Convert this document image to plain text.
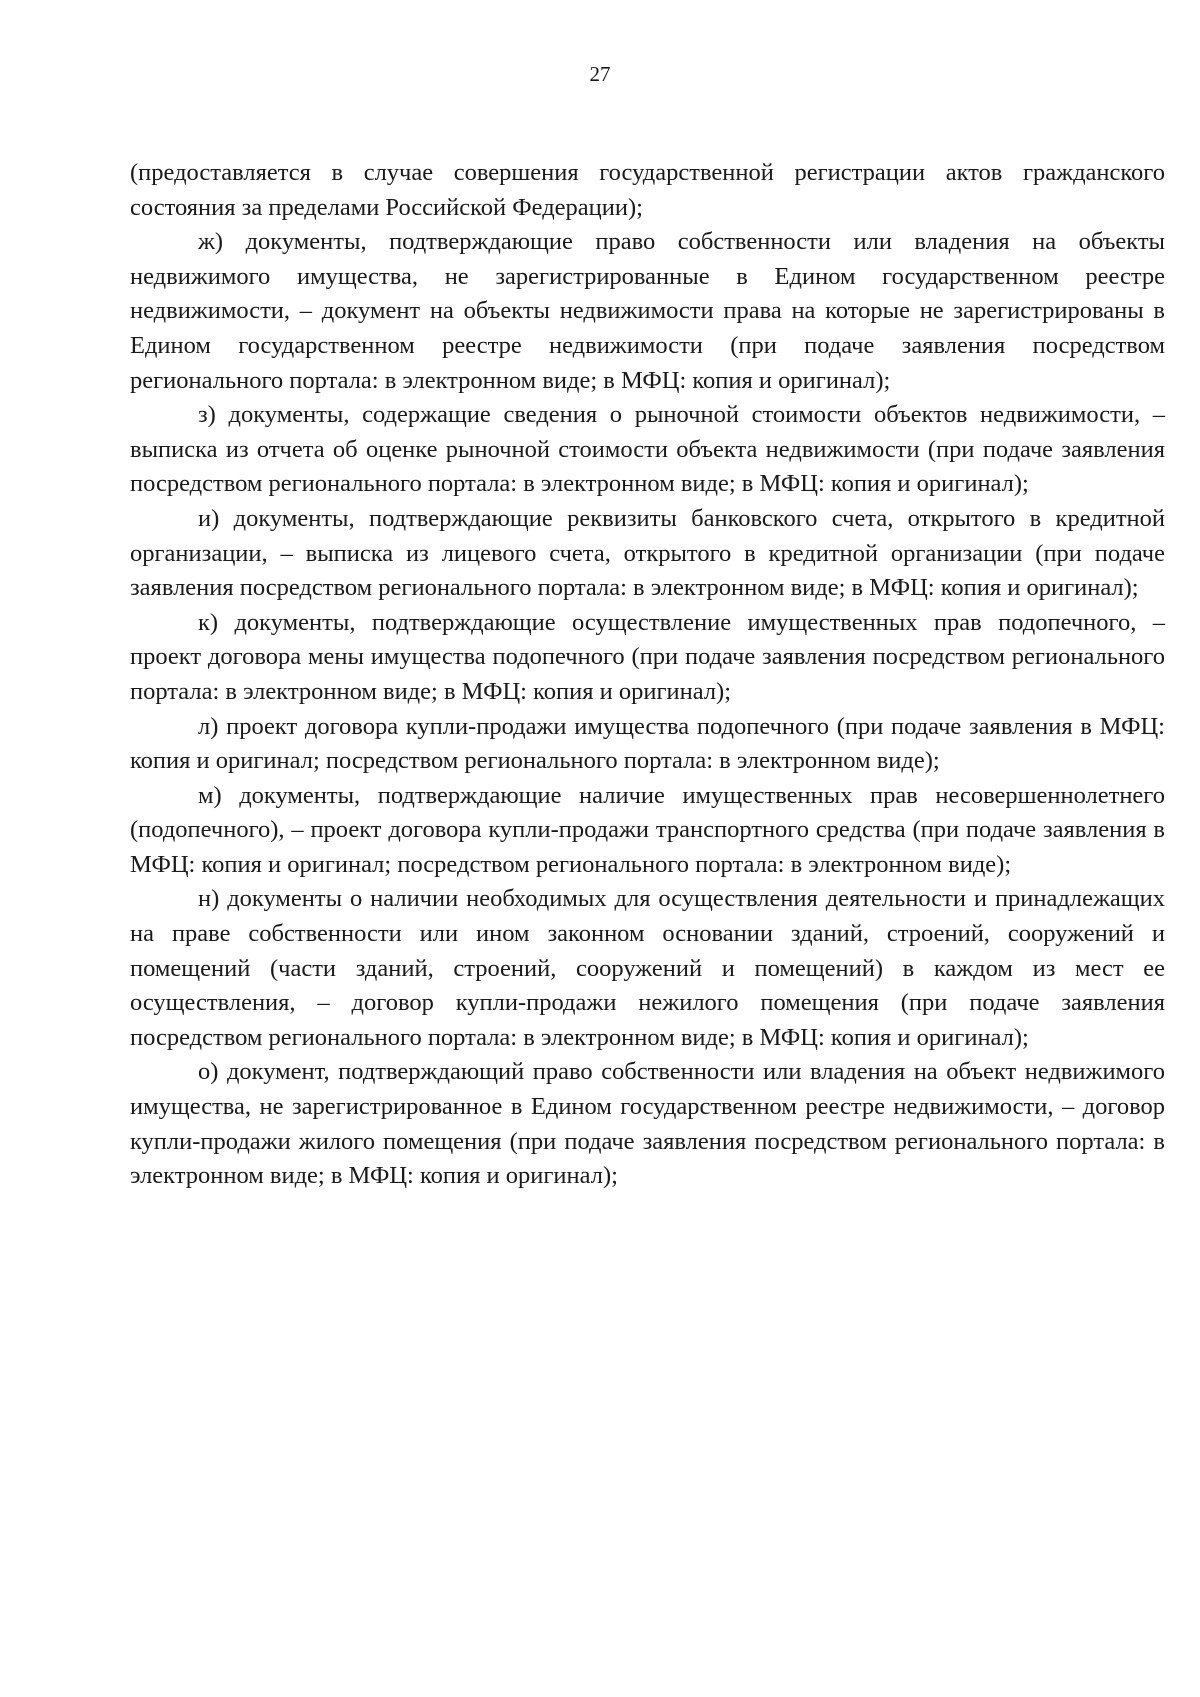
27

(предоставляется в случае совершения государственной регистрации актов гражданского состояния за пределами Российской Федерации);

ж) документы, подтверждающие право собственности или владения на объекты недвижимого имущества, не зарегистрированные в Едином государственном реестре недвижимости, – документ на объекты недвижимости права на которые не зарегистрированы в Едином государственном реестре недвижимости (при подаче заявления посредством регионального портала: в электронном виде; в МФЦ: копия и оригинал);

з) документы, содержащие сведения о рыночной стоимости объектов недвижимости, – выписка из отчета об оценке рыночной стоимости объекта недвижимости (при подаче заявления посредством регионального портала: в электронном виде; в МФЦ: копия и оригинал);

и) документы, подтверждающие реквизиты банковского счета, открытого в кредитной организации, – выписка из лицевого счета, открытого в кредитной организации (при подаче заявления посредством регионального портала: в электронном виде; в МФЦ: копия и оригинал);

к) документы, подтверждающие осуществление имущественных прав подопечного, – проект договора мены имущества подопечного (при подаче заявления посредством регионального портала: в электронном виде; в МФЦ: копия и оригинал);

л) проект договора купли-продажи имущества подопечного (при подаче заявления в МФЦ: копия и оригинал; посредством регионального портала: в электронном виде);

м) документы, подтверждающие наличие имущественных прав несовершеннолетнего (подопечного), – проект договора купли-продажи транспортного средства (при подаче заявления в МФЦ: копия и оригинал; посредством регионального портала: в электронном виде);

н) документы о наличии необходимых для осуществления деятельности и принадлежащих на праве собственности или ином законном основании зданий, строений, сооружений и помещений (части зданий, строений, сооружений и помещений) в каждом из мест ее осуществления, – договор купли-продажи нежилого помещения (при подаче заявления посредством регионального портала: в электронном виде; в МФЦ: копия и оригинал);

о) документ, подтверждающий право собственности или владения на объект недвижимого имущества, не зарегистрированное в Едином государственном реестре недвижимости, – договор купли-продажи жилого помещения (при подаче заявления посредством регионального портала: в электронном виде; в МФЦ: копия и оригинал);
